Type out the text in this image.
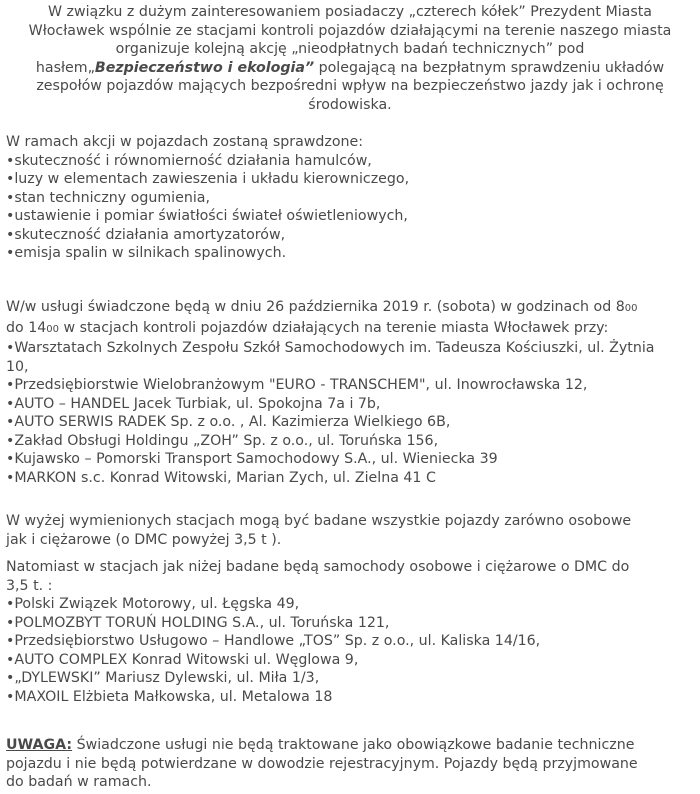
W związku z dużym zainteresowaniem posiadaczy „czterech kółek” Prezydent Miasta
Włocławek wspólnie ze stacjami kontroli pojazdów działającymi na terenie naszego miasta
organizuje kolejną akcję „nieodpłatnych badań technicznych” pod
hasłem„Bezpieczeństwo i ekologia” polegającą na bezpłatnym sprawdzeniu układów
zespołów pojazdów mających bezpośredni wpływ na bezpieczeństwo jazdy jak i ochronę
środowiska.
W ramach akcji w pojazdach zostaną sprawdzone:
•skuteczność i równomierność działania hamulców,
•luzy w elementach zawieszenia i układu kierowniczego,
•stan techniczny ogumienia,
•ustawienie i pomiar światłości świateł oświetleniowych,
•skuteczność działania amortyzatorów,
•emisja spalin w silnikach spalinowych.
W/w usługi świadczone będą w dniu 26 października 2019 r. (sobota) w godzinach od 800
do 1400 w stacjach kontroli pojazdów działających na terenie miasta Włocławek przy:
•Warsztatach Szkolnych Zespołu Szkół Samochodowych im. Tadeusza Kościuszki, ul. Żytnia
10,
•Przedsiębiorstwie Wielobranżowym "EURO - TRANSCHEM", ul. Inowrocławska 12,
•AUTO – HANDEL Jacek Turbiak, ul. Spokojna 7a i 7b,
•AUTO SERWIS RADEK Sp. z o.o. , Al. Kazimierza Wielkiego 6B,
•Zakład Obsługi Holdingu „ZOH” Sp. z o.o., ul. Toruńska 156,
•Kujawsko – Pomorski Transport Samochodowy S.A., ul. Wieniecka 39
•MARKON s.c. Konrad Witowski, Marian Zych, ul. Zielna 41 C
W wyżej wymienionych stacjach mogą być badane wszystkie pojazdy zarówno osobowe
jak i ciężarowe (o DMC powyżej 3,5 t ).
Natomiast w stacjach jak niżej badane będą samochody osobowe i ciężarowe o DMC do
3,5 t. :
•Polski Związek Motorowy, ul. Łęgska 49,
•POLMOZBYT TORUŃ HOLDING S.A., ul. Toruńska 121,
•Przedsiębiorstwo Usługowo – Handlowe „TOS” Sp. z o.o., ul. Kaliska 14/16,
•AUTO COMPLEX Konrad Witowski ul. Węglowa 9,
•„DYLEWSKI” Mariusz Dylewski, ul. Miła 1/3,
•MAXOIL Elżbieta Małkowska, ul. Metalowa 18
UWAGA: Świadczone usługi nie będą traktowane jako obowiązkowe badanie techniczne
pojazdu i nie będą potwierdzane w dowodzie rejestracyjnym. Pojazdy będą przyjmowane
do badań w ramach.
